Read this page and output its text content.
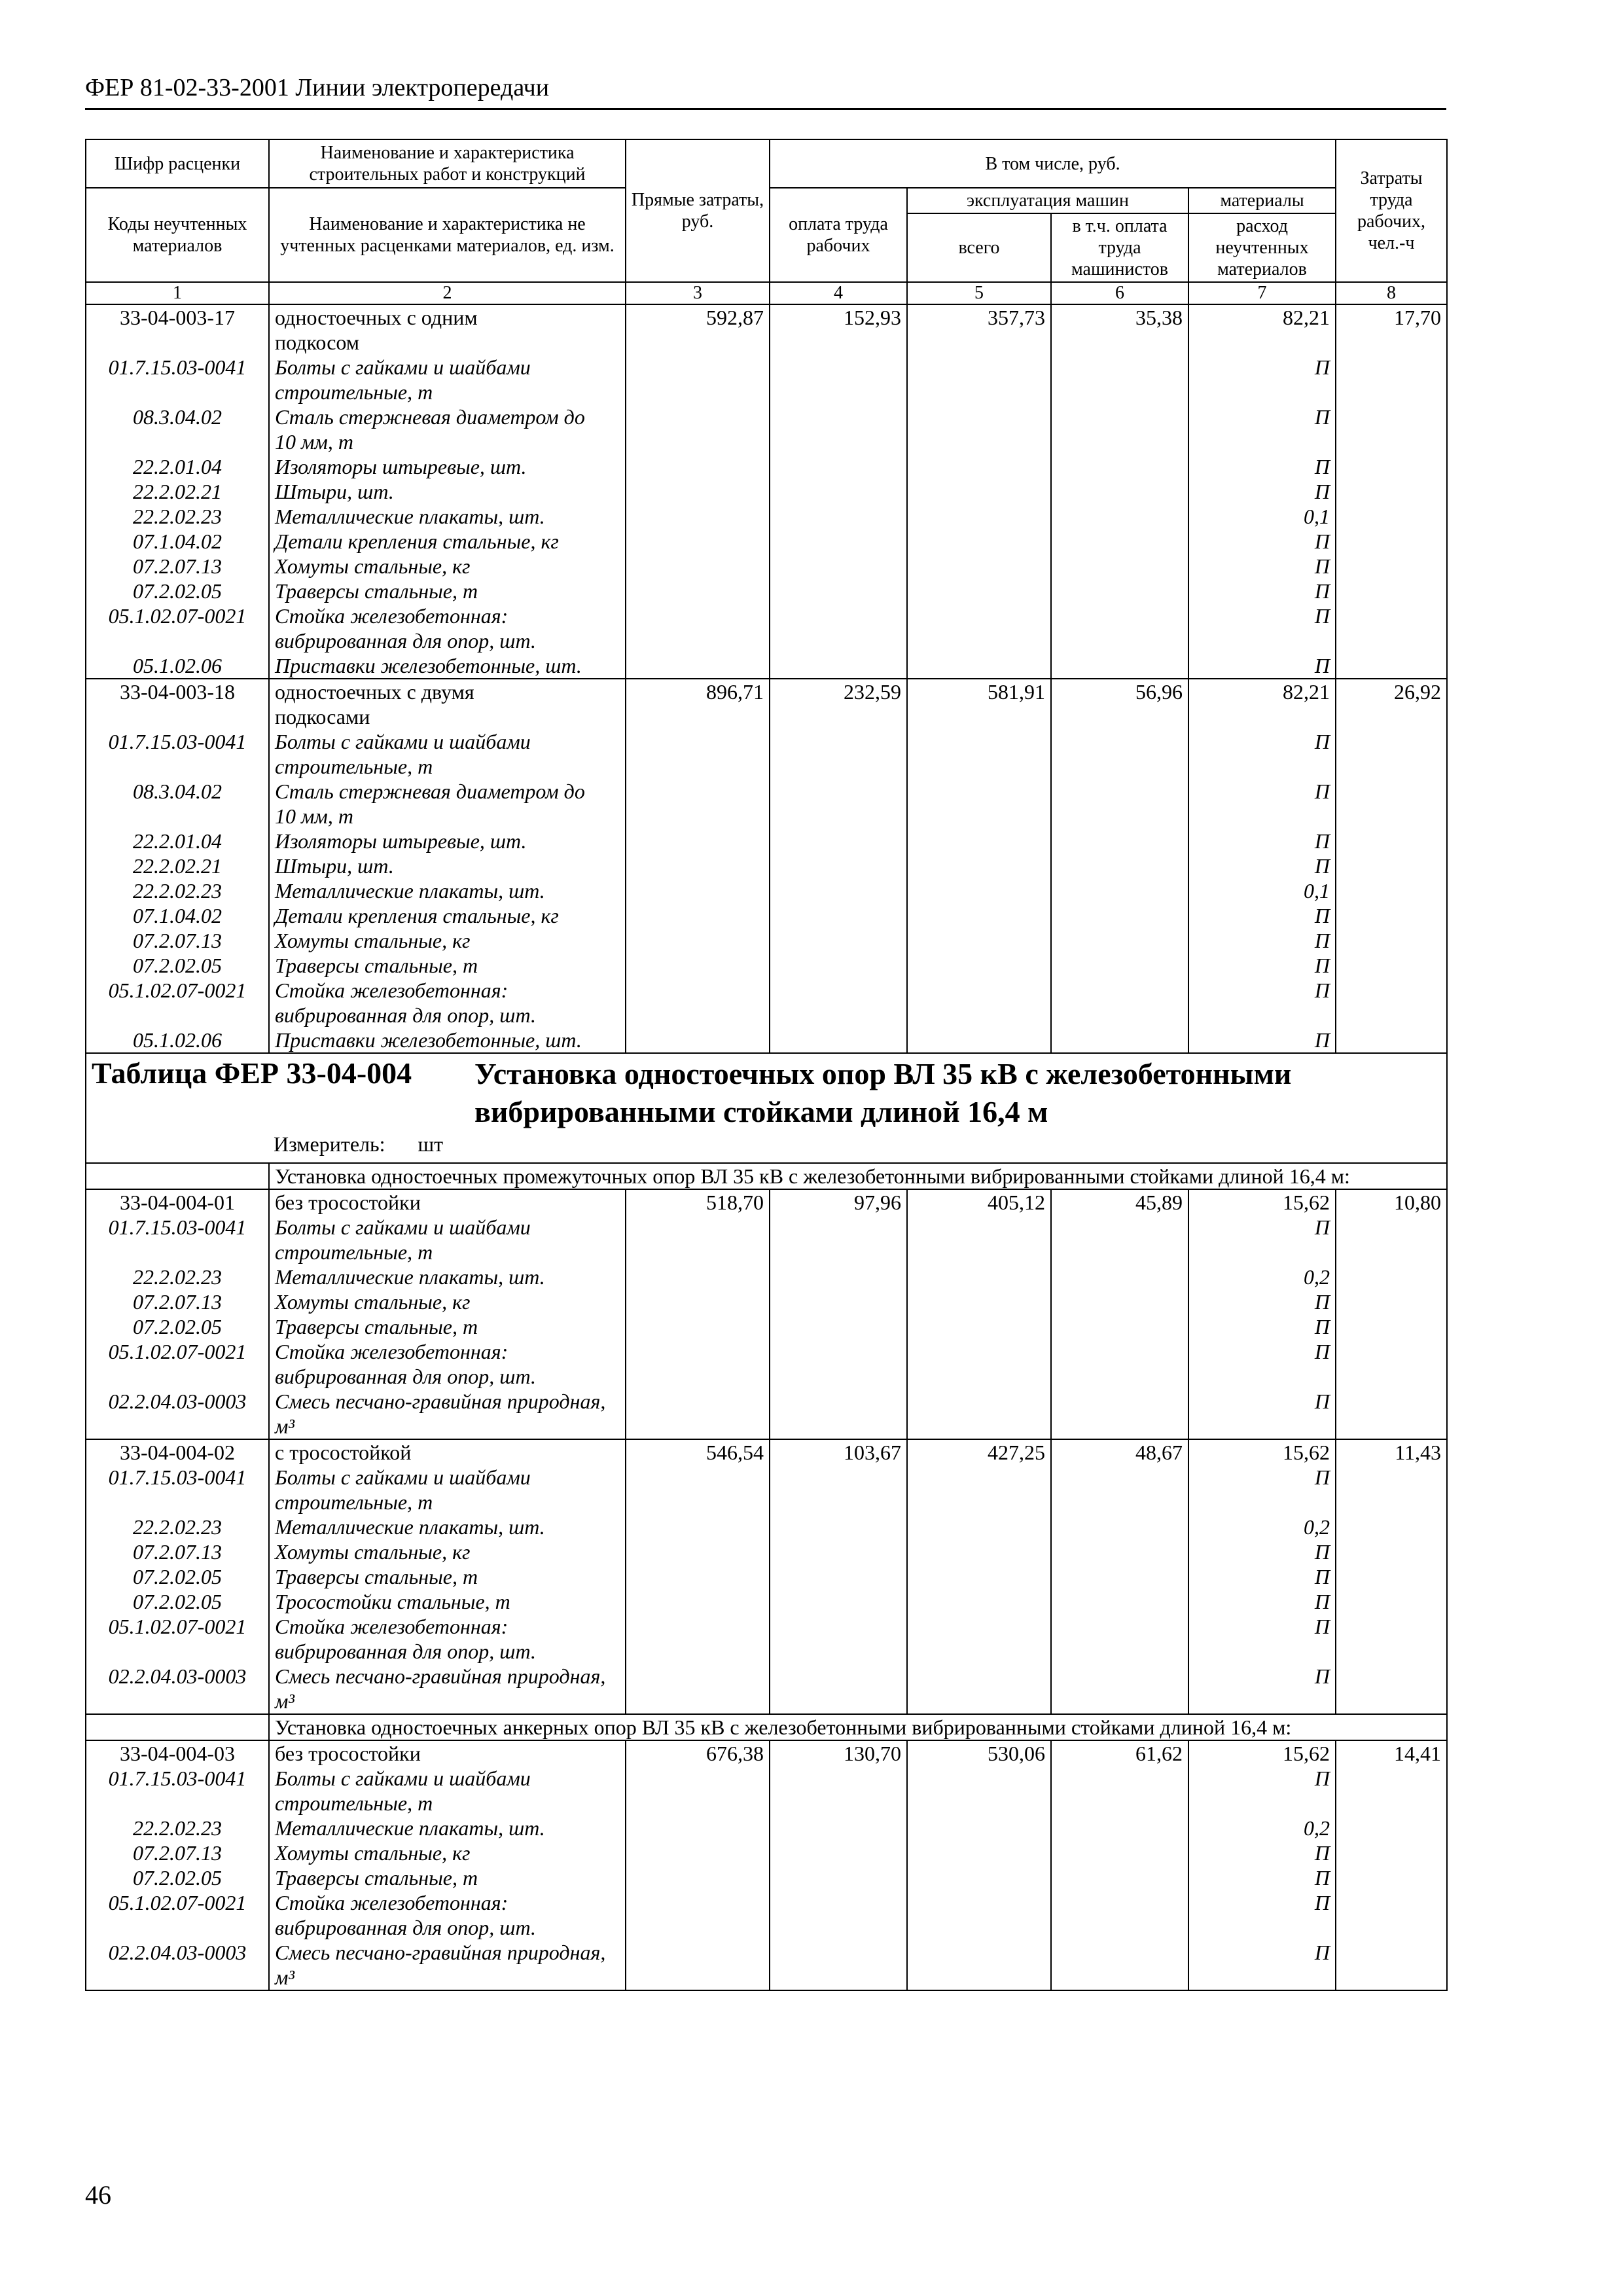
ФЕР 81-02-33-2001 Линии электропередачи
Шифр расценки	Наименование и характеристика строительных работ и конструкций	Прямые затраты, руб.	В том числе, руб.				Затраты труда рабочих, чел.-ч
Коды неучтенных материалов	Наименование и характеристика не учтенных расценками материалов, ед. изм.		оплата труда рабочих	эксплуатация машин		материалы	
				всего	в т.ч. оплата труда машинистов	расход неучтенных материалов	
1	2	3	4	5	6	7	8
33-04-003-17	одностоечных с одним	592,87	152,93	357,73	35,38	82,21	17,70
	подкосом						
01.7.15.03-0041	Болты с гайками и шайбами					П	
	строительные, т						
08.3.04.02	Сталь стержневая диаметром до					П	
	10 мм, т						
22.2.01.04	Изоляторы штыревые, шт.					П	
22.2.02.21	Штыри, шт.					П	
22.2.02.23	Металлические плакаты, шт.					0,1	
07.1.04.02	Детали крепления стальные, кг					П	
07.2.07.13	Хомуты стальные, кг					П	
07.2.02.05	Траверсы стальные, т					П	
05.1.02.07-0021	Стойка железобетонная:					П	
	вибрированная для опор, шт.						
05.1.02.06	Приставки железобетонные, шт.					П	
33-04-003-18	одностоечных с двумя	896,71	232,59	581,91	56,96	82,21	26,92
	подкосами						
01.7.15.03-0041	Болты с гайками и шайбами					П	
	строительные, т						
08.3.04.02	Сталь стержневая диаметром до					П	
	10 мм, т						
22.2.01.04	Изоляторы штыревые, шт.					П	
22.2.02.21	Штыри, шт.					П	
22.2.02.23	Металлические плакаты, шт.					0,1	
07.1.04.02	Детали крепления стальные, кг					П	
07.2.07.13	Хомуты стальные, кг					П	
07.2.02.05	Траверсы стальные, т					П	
05.1.02.07-0021	Стойка железобетонная:					П	
	вибрированная для опор, шт.						
05.1.02.06	Приставки железобетонные, шт.					П	
Таблица ФЕР 33-04-004 Установка одностоечных опор ВЛ 35 кВ с железобетонными вибрированными стойками длиной 16,4 м
Измеритель: шт							

	Установка одностоечных промежуточных опор ВЛ 35 кВ с железобетонными вибрированными стойками длиной 16,4 м:						
33-04-004-01	без тросостойки	518,70	97,96	405,12	45,89	15,62	10,80
01.7.15.03-0041	Болты с гайками и шайбами					П	
	строительные, т						
22.2.02.23	Металлические плакаты, шт.					0,2	
07.2.07.13	Хомуты стальные, кг					П	
07.2.02.05	Траверсы стальные, т					П	
05.1.02.07-0021	Стойка железобетонная:					П	
	вибрированная для опор, шт.						
02.2.04.03-0003	Смесь песчано-гравийная природная,					П	
	м³						
33-04-004-02	с тросостойкой	546,54	103,67	427,25	48,67	15,62	11,43
01.7.15.03-0041	Болты с гайками и шайбами					П	
	строительные, т						
22.2.02.23	Металлические плакаты, шт.					0,2	
07.2.07.13	Хомуты стальные, кг					П	
07.2.02.05	Траверсы стальные, т					П	
07.2.02.05	Тросостойки стальные, т					П	
05.1.02.07-0021	Стойка железобетонная:					П	
	вибрированная для опор, шт.						
02.2.04.03-0003	Смесь песчано-гравийная природная,					П	
	м³						
	Установка одностоечных анкерных опор ВЛ 35 кВ с железобетонными вибрированными стойками длиной 16,4 м:						
33-04-004-03	без тросостойки	676,38	130,70	530,06	61,62	15,62	14,41
01.7.15.03-0041	Болты с гайками и шайбами					П	
	строительные, т						
22.2.02.23	Металлические плакаты, шт.					0,2	
07.2.07.13	Хомуты стальные, кг					П	
07.2.02.05	Траверсы стальные, т					П	
05.1.02.07-0021	Стойка железобетонная:					П	
	вибрированная для опор, шт.						
02.2.04.03-0003	Смесь песчано-гравийная природная,					П	
	м³						
46
